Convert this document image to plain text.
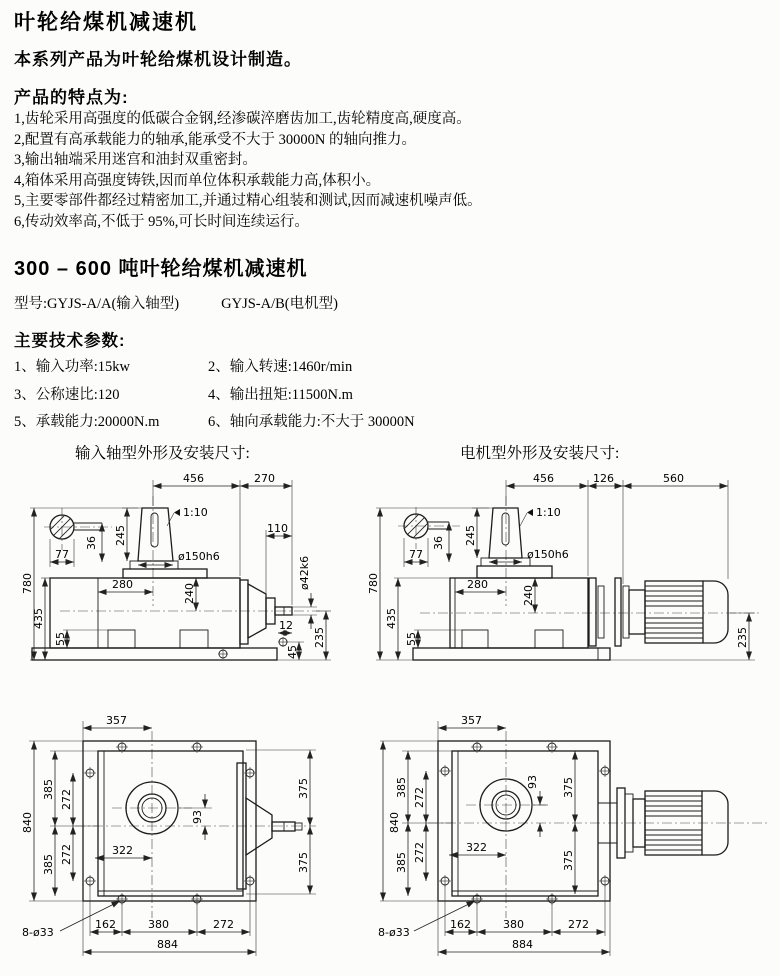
叶轮给煤机减速机
本系列产品为叶轮给煤机设计制造。
产品的特点为:
1,齿轮采用高强度的低碳合金钢,经渗碳淬磨齿加工,齿轮精度高,硬度高。
2,配置有高承载能力的轴承,能承受不大于 30000N 的轴向推力。
3,输出轴端采用迷宫和油封双重密封。
4,箱体采用高强度铸铁,因而单位体积承载能力高,体积小。
5,主要零部件都经过精密加工,并通过精心组装和测试,因而减速机噪声低。
6,传动效率高,不低于 95%,可长时间连续运行。
300 – 600 吨叶轮给煤机减速机
型号:GYJS-A/A(输入轴型)	GYJS-A/B(电机型)
主要技术参数:
1、输入功率:15kw	2、输入转速:1460r/min
3、公称速比:120	4、输出扭矩:11500N.m
5、承载能力:20000N.m	6、轴向承载能力:不大于 30000N
输入轴型外形及安装尺寸:	电机型外形及安装尺寸:
456	270
245
36
77
1:10
ø150h6
110
ø42k6
780
435
55
280	240
12
45
235
456	126	560
245
36
77
1:10
ø150h6
780
435
55
280
240
235
357
840
385 272
272
385
322
93
375
375
162	380	272
884
8-ø33
357
840
385 272
272
385
322
93 375
375
162	380	272
884
8-ø33
